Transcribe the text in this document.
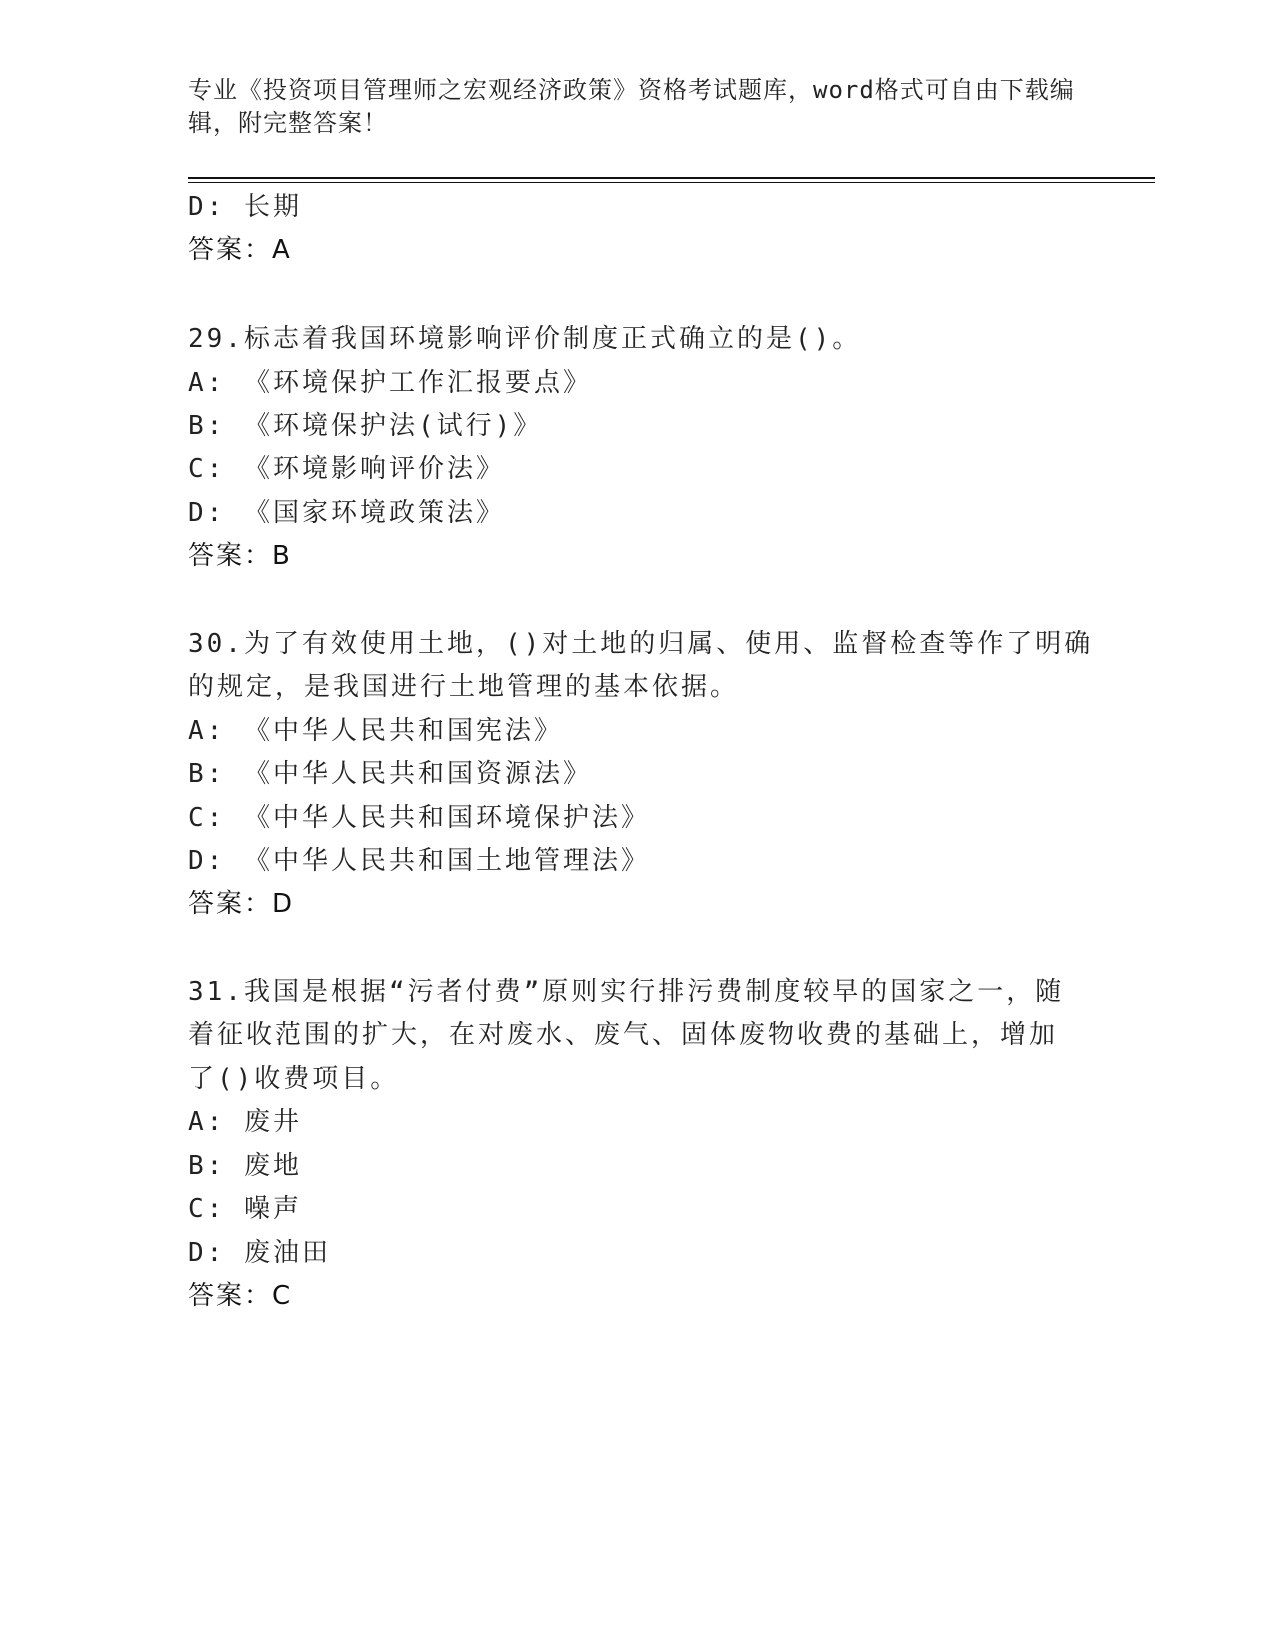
专业《投资项目管理师之宏观经济政策》资格考试题库，word格式可自由下载编
辑，附完整答案！
D: 长期
答案：A
29.标志着我国环境影响评价制度正式确立的是()。
A: 《环境保护工作汇报要点》
B: 《环境保护法(试行)》
C: 《环境影响评价法》
D: 《国家环境政策法》
答案：B
30.为了有效使用土地，()对土地的归属、使用、监督检查等作了明确
的规定，是我国进行土地管理的基本依据。
A: 《中华人民共和国宪法》
B: 《中华人民共和国资源法》
C: 《中华人民共和国环境保护法》
D: 《中华人民共和国土地管理法》
答案：D
31.我国是根据“污者付费”原则实行排污费制度较早的国家之一，随
着征收范围的扩大，在对废水、废气、固体废物收费的基础上，增加
了()收费项目。
A: 废井
B: 废地
C: 噪声
D: 废油田
答案：C
